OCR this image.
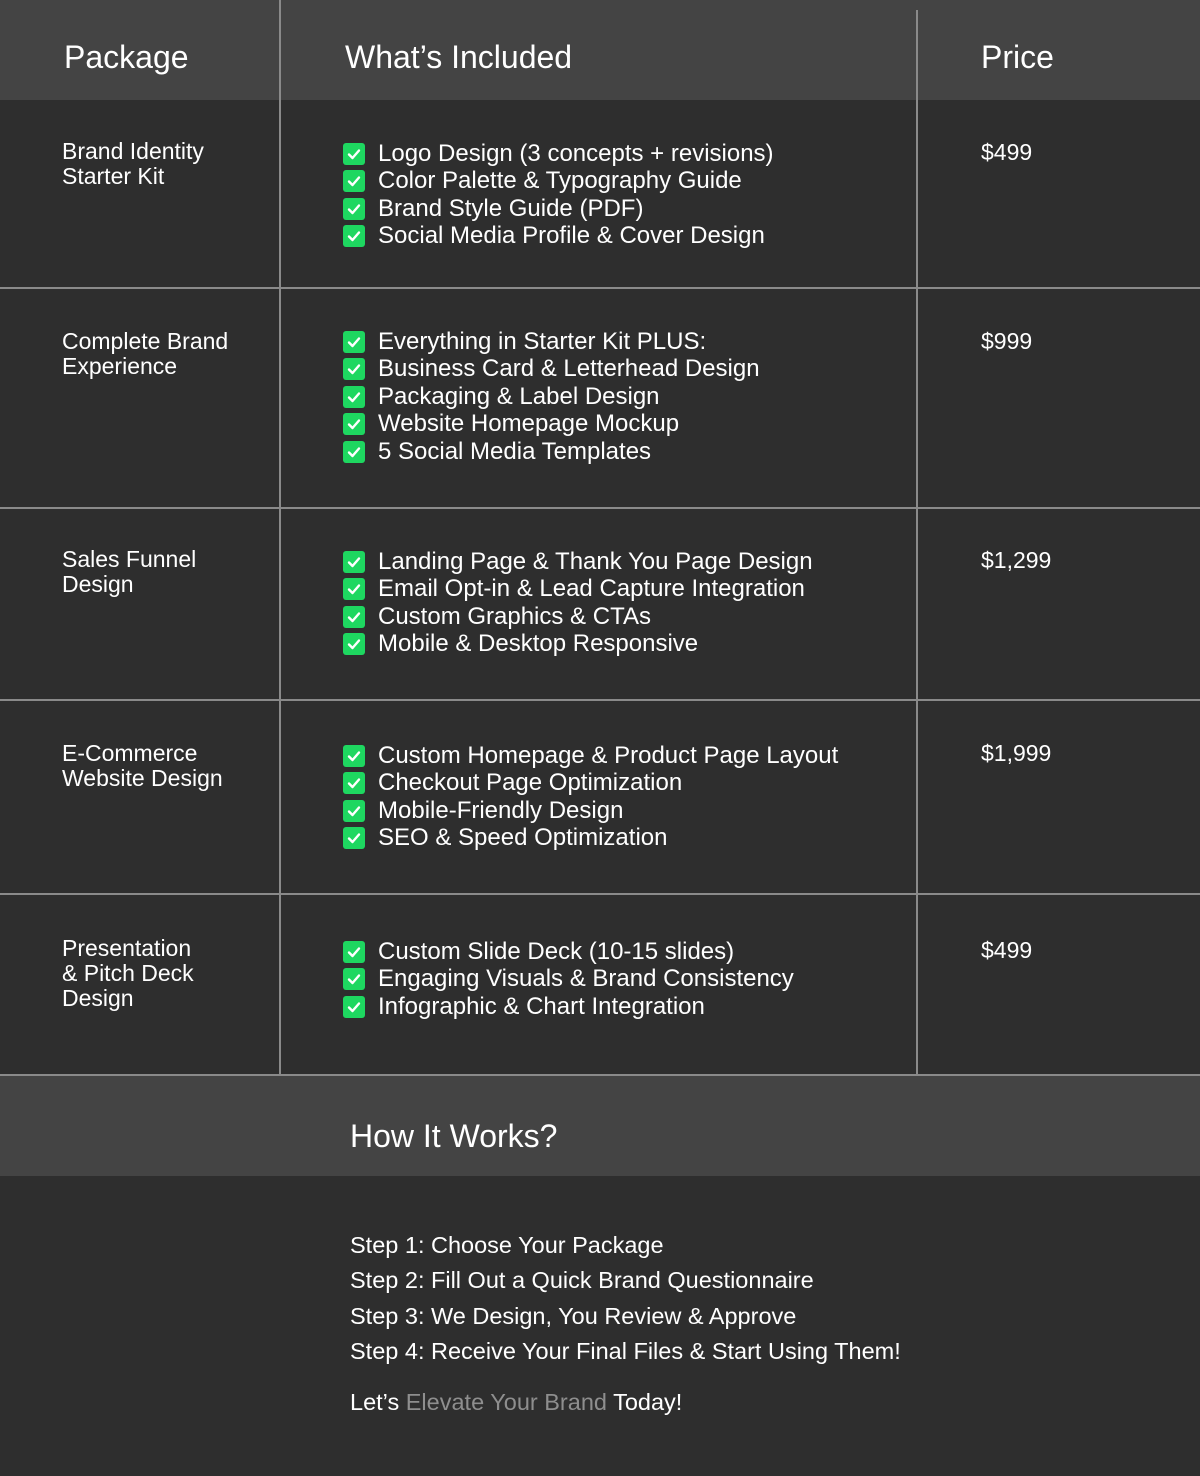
Package	What’s Included	Price
Brand Identity
Starter Kit
$499
Logo Design (3 concepts + revisions)
Color Palette & Typography Guide
Brand Style Guide (PDF)
Social Media Profile & Cover Design
Complete Brand
Experience
$999
Everything in Starter Kit PLUS:
Business Card & Letterhead Design
Packaging & Label Design
Website Homepage Mockup
5 Social Media Templates
Sales Funnel
Design
$1,299
Landing Page & Thank You Page Design
Email Opt-in & Lead Capture Integration
Custom Graphics & CTAs
Mobile & Desktop Responsive
E-Commerce
Website Design
$1,999
Custom Homepage & Product Page Layout
Checkout Page Optimization
Mobile-Friendly Design
SEO & Speed Optimization
Presentation
& Pitch Deck
Design
$499
Custom Slide Deck (10-15 slides)
Engaging Visuals & Brand Consistency
Infographic & Chart Integration
How It Works?
Step 1: Choose Your Package
Step 2: Fill Out a Quick Brand Questionnaire
Step 3: We Design, You Review & Approve
Step 4: Receive Your Final Files & Start Using Them!
Let’s Elevate Your Brand Today!
